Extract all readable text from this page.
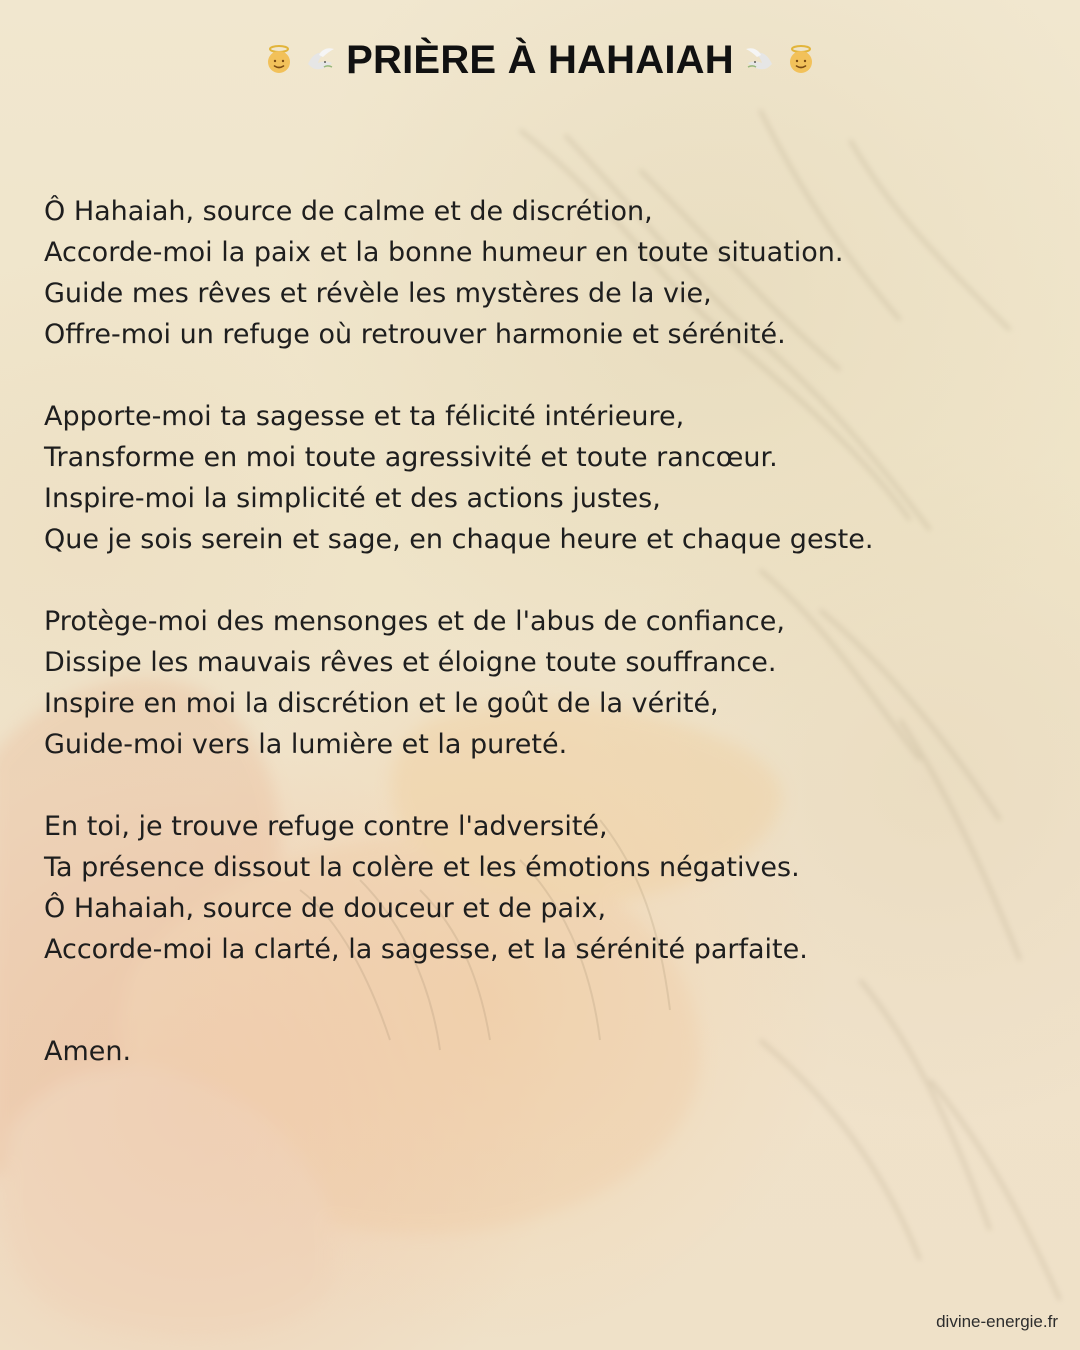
PRIÈRE À HAHAIAH
Ô Hahaiah, source de calme et de discrétion,
Accorde-moi la paix et la bonne humeur en toute situation.
Guide mes rêves et révèle les mystères de la vie,
Offre-moi un refuge où retrouver harmonie et sérénité.
Apporte-moi ta sagesse et ta félicité intérieure,
Transforme en moi toute agressivité et toute rancœur.
Inspire-moi la simplicité et des actions justes,
Que je sois serein et sage, en chaque heure et chaque geste.
Protège-moi des mensonges et de l'abus de confiance,
Dissipe les mauvais rêves et éloigne toute souffrance.
Inspire en moi la discrétion et le goût de la vérité,
Guide-moi vers la lumière et la pureté.
En toi, je trouve refuge contre l'adversité,
Ta présence dissout la colère et les émotions négatives.
Ô Hahaiah, source de douceur et de paix,
Accorde-moi la clarté, la sagesse, et la sérénité parfaite.
Amen.
divine-energie.fr
